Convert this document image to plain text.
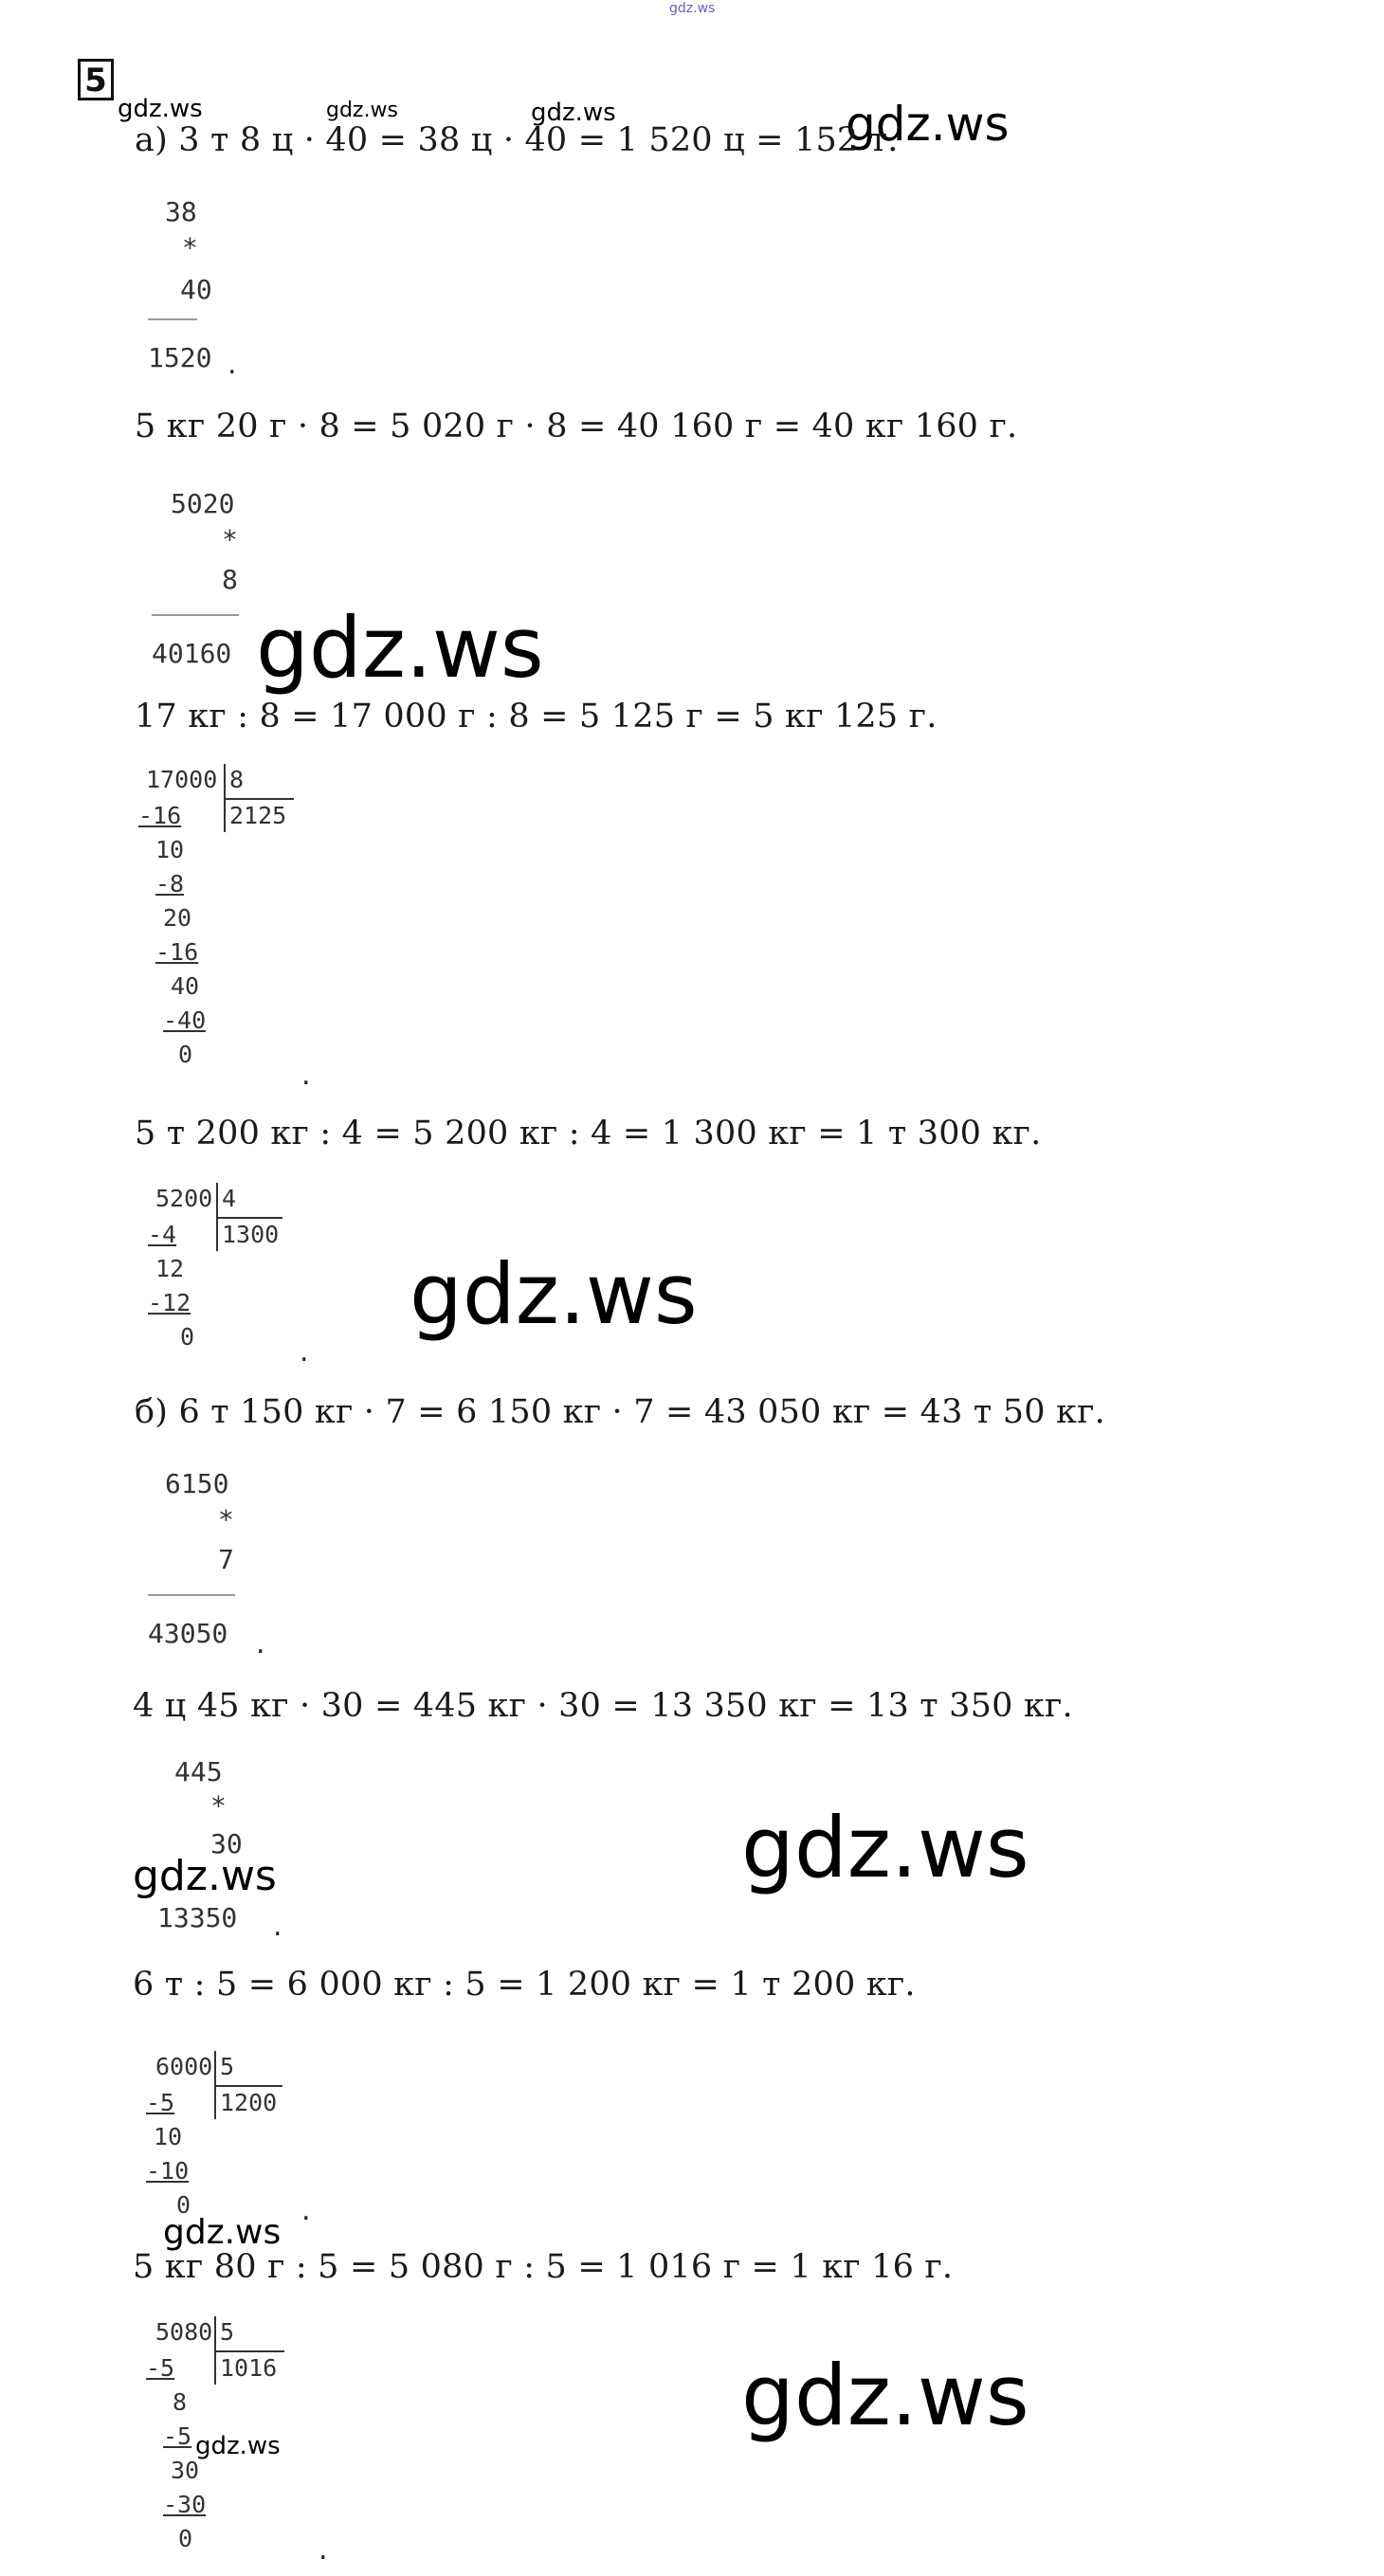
gdz.ws
5
gdz.ws	gdz.ws	gdz.ws	gdz.ws
gdz.ws
gdz.ws
gdz.ws
gdz.ws
gdz.ws
gdz.ws
gdz.ws
а) 3 т 8 ц · 40 = 38 ц · 40 = 1 520 ц = 152 т.
38
*
40
1520 .
5 кг 20 г · 8 = 5 020 г · 8 = 40 160 г = 40 кг 160 г.
5020
*
8
40160
17 кг : 8 = 17 000 г : 8 = 5 125 г = 5 кг 125 г.
17000 8
2125
-16
10
-8
20
-16
40
-40
0
.
5 т 200 кг : 4 = 5 200 кг : 4 = 1 300 кг = 1 т 300 кг.
5200 4
1300
-4
12
-12
0	.
б) 6 т 150 кг · 7 = 6 150 кг · 7 = 43 050 кг = 43 т 50 кг.
6150
*
7
43050 .
4 ц 45 кг · 30 = 445 кг · 30 = 13 350 кг = 13 т 350 кг.
445
*
30
13350 .
6 т : 5 = 6 000 кг : 5 = 1 200 кг = 1 т 200 кг.
6000 5
1200
-5
10
-10
0	.
5 кг 80 г : 5 = 5 080 г : 5 = 1 016 г = 1 кг 16 г.
5080 5
1016
-5
8
-5
30
-30
0	.
